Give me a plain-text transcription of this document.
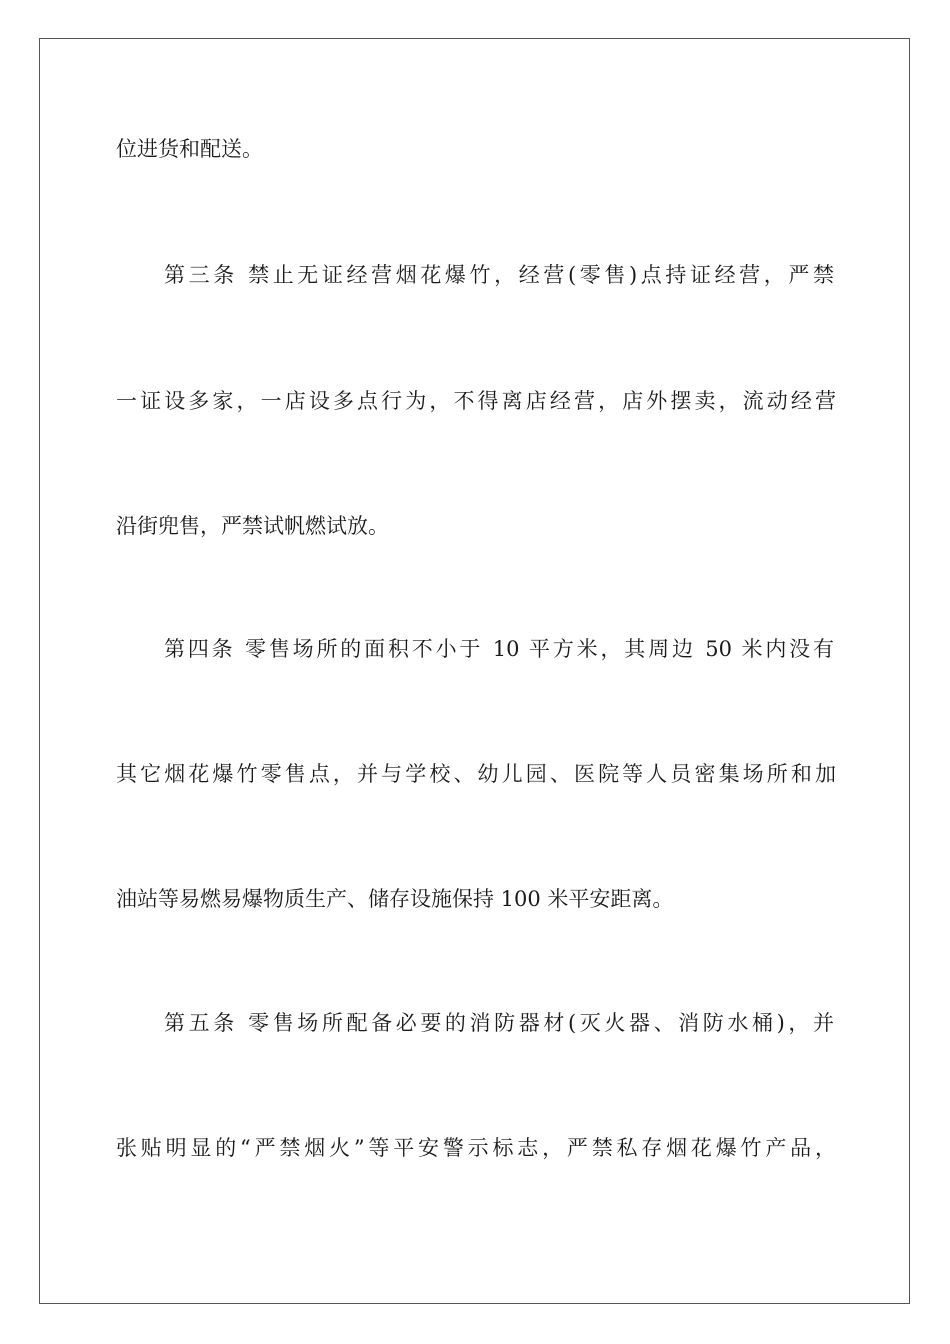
位进货和配送。
第三条 禁止无证经营烟花爆竹，经营(零售)点持证经营，严禁
一证设多家，一店设多点行为，不得离店经营，店外摆卖，流动经营
沿街兜售，严禁试帆燃试放。
第四条 零售场所的面积不小于 10 平方米，其周边 50 米内没有
其它烟花爆竹零售点，并与学校、幼儿园、医院等人员密集场所和加
油站等易燃易爆物质生产、储存设施保持 100 米平安距离。
第五条 零售场所配备必要的消防器材(灭火器、消防水桶)，并
张贴明显的“严禁烟火”等平安警示标志，严禁私存烟花爆竹产品，
